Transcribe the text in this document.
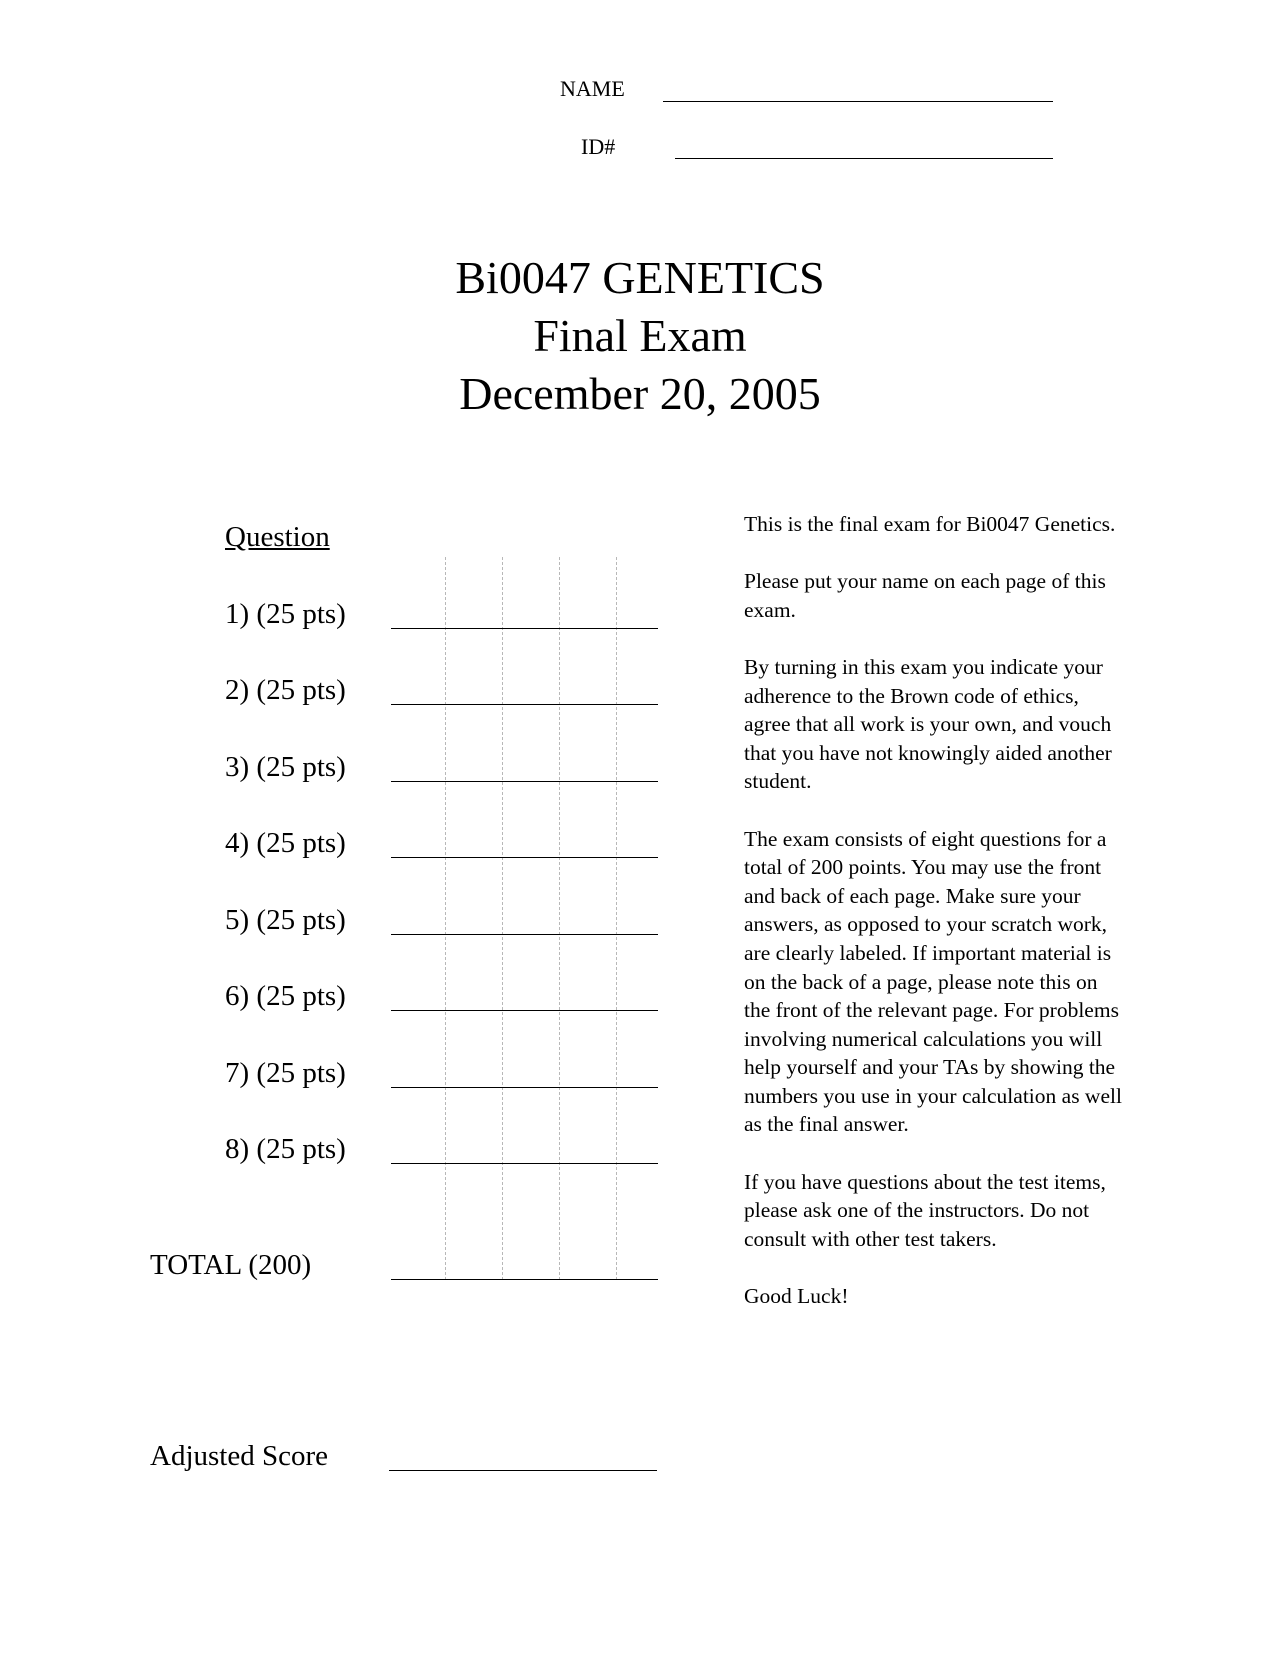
NAME
ID#
Bi0047 GENETICS
Final Exam
December 20, 2005
Question
1) (25 pts)
2) (25 pts)
3) (25 pts)
4) (25 pts)
5) (25 pts)
6) (25 pts)
7) (25 pts)
8) (25 pts)
TOTAL (200)
Adjusted Score

This is the final exam for Bi0047 Genetics.

Please put your name on each page of this exam.

By turning in this exam you indicate your adherence to the Brown code of ethics, agree that all work is your own, and vouch that you have not knowingly aided another student.

The exam consists of eight questions for a total of 200 points. You may use the front and back of each page. Make sure your answers, as opposed to your scratch work, are clearly labeled. If important material is on the back of a page, please note this on the front of the relevant page. For problems involving numerical calculations you will help yourself and your TAs by showing the numbers you use in your calculation as well as the final answer.

If you have questions about the test items, please ask one of the instructors. Do not consult with other test takers.

Good Luck!
